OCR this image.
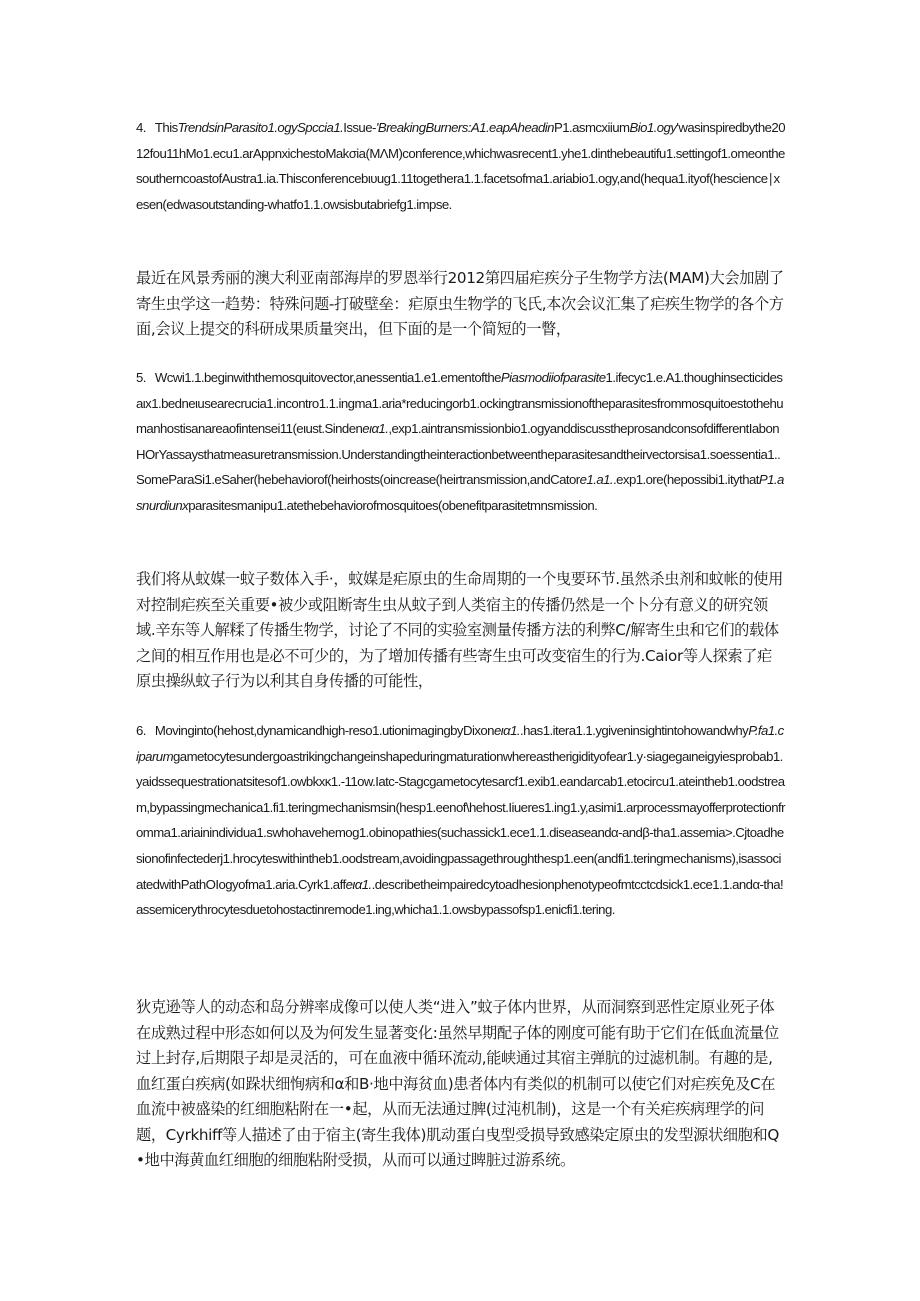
4. ThisTrendsinParasito1.ogySpccia1.Issue-'BreakingBurners:A1.eapAheadinP1.asmcxiiumBio1.ogy'wasinspiredbythe2012fou11hMo1.ecu1.arAppnxichestoMakσia(MΛM)conference,whichwasrecent1.yhe1.dinthebeautifu1.settingof1.omeonthesoutherncoastofAustra1.ia.Thisconferencebιυug1.11togethera1.1.facetsofma1.ariabio1.ogy,and(hequa1.ityof(hescience∣xesen(edwasoutstanding-whatfo1.1.owsisbutabriefg1.impse.

最近在风景秀丽的澳大利亚南部海岸的罗恩举行2012第四届疟疾分子生物学方法(MAM)大会加剧了寄生虫学这一趋势：特殊问题-打破壁垒：疟原虫生物学的飞氏,本次会议汇集了疟疾生物学的各个方面,会议上提交的科研成果质量突出，但下面的是一个简短的一瞥，

5. Wcwi1.1.beginwiththemosquitovector,anessentia1.e1.ementofthePiasmodiiofparasite1.ifecyc1.e.A1.thoughinsecticidesaιx1.bedneιusearecrucia1.incontro1.1.ingma1.aria*reducingorb1.ockingtransmissionoftheparasitesfrommosquitoestothehumanhostisanareaofintensei11(eιust.Sindeneια1.,exp1.aintransmissionbio1.ogyanddiscusstheprosandconsofdifferentIabonHOrYassaysthatmeasuretransmission.Understandingtheinteractionbetweentheparasitesandtheirvectorsisa1.soessentia1..SomeParaSi1.eSaher(hebehaviorof(heirhosts(oincrease(heirtransmission,andCatore1.a1..exp1.ore(hepossibi1.itythatP1.asnurdiunxparasitesmanipu1.atethebehaviorofmosquitoes(obenefitparasitetmnsmission.

我们将从蚊媒一蚊子数体入手·，蚊媒是疟原虫的生命周期的一个曳要环节.虽然杀虫剂和蚊帐的使用对控制疟疾至关重要•被少或阻断寄生虫从蚊子到人类宿主的传播仍然是一个卜分有意义的研究领域.辛东等人解糅了传播生物学，讨论了不同的实验室测量传播方法的利弊C/解寄生虫和它们的载体之间的相互作用也是必不可少的，为了增加传播有些寄生虫可改变宿生的行为.Caior等人探索了疟原虫操纵蚊子行为以利其自身传播的可能性，

6. Movinginto(hehost,dynamicandhigh-reso1.utionimagingbyDixoneια1..has1.itera1.1.ygiveninsightintohowandwhyP.fa1.ciparumgametocytesundergoastrikingchangeinshapeduringmaturationwhereastherigidityofear1.y·siagegaιneigyiesprobab1.yaidssequestrationatsitesof1.owbkxκ1.-11ow.Iatc-Stagcgametocytesarcf1.exib1.eandarcab1.etocircu1.ateintheb1.oodstream,bypassingmechanica1.fi1.teringmechanismsin(hesp1.eenof\hehost.Iiueres1.ing1.y,asimi1.arprocessmayofferprotectionfromma1.ariainindividua1.swhohavehemog1.obinopathies(suchassick1.ece1.1.diseaseandα-andβ-tha1.assemia>.Cjtoadhesionofinfectederj1.hrocyteswithintheb1.oodstream,avoidingpassagethroughthesp1.een(andfi1.teringmechanisms),isassociatedwithPathOIogyofma1.aria.Cyrk1.affeια1..describetheimpairedcytoadhesionphenotypeofmtcctcdsick1.ece1.1.andα-tha!assemicerythrocytesduetohostactinremode1.ing,whicha1.1.owsbypassofsp1.enicfi1.tering.

狄克逊等人的动态和岛分辨率成像可以使人类“进入”蚊子体内世界，从而洞察到恶性定原业死子体在成熟过程中形态如何以及为何发生显著变化:虽然早期配子体的刚度可能有助于它们在低血流量位过上封存,后期限子却是灵活的，可在血液中循环流动,能峡通过其宿主弹肮的过滤机制。有趣的是,血红蛋白疾病(如跺状细恂病和α和B·地中海贫血)患者体内有类似的机制可以使它们对疟疾免及C在血流中被盛染的红细胞粘附在一•起，从而无法通过脾(过沌机制)，这是一个有关疟疾病理学的问题，Cyrkhiff等人描述了由于宿主(寄生我体)肌动蛋白曳型受损导致感染定原虫的发型源状细胞和Q•地中海黄血红细胞的细胞粘附受损，从而可以通过睥脏过游系统。
